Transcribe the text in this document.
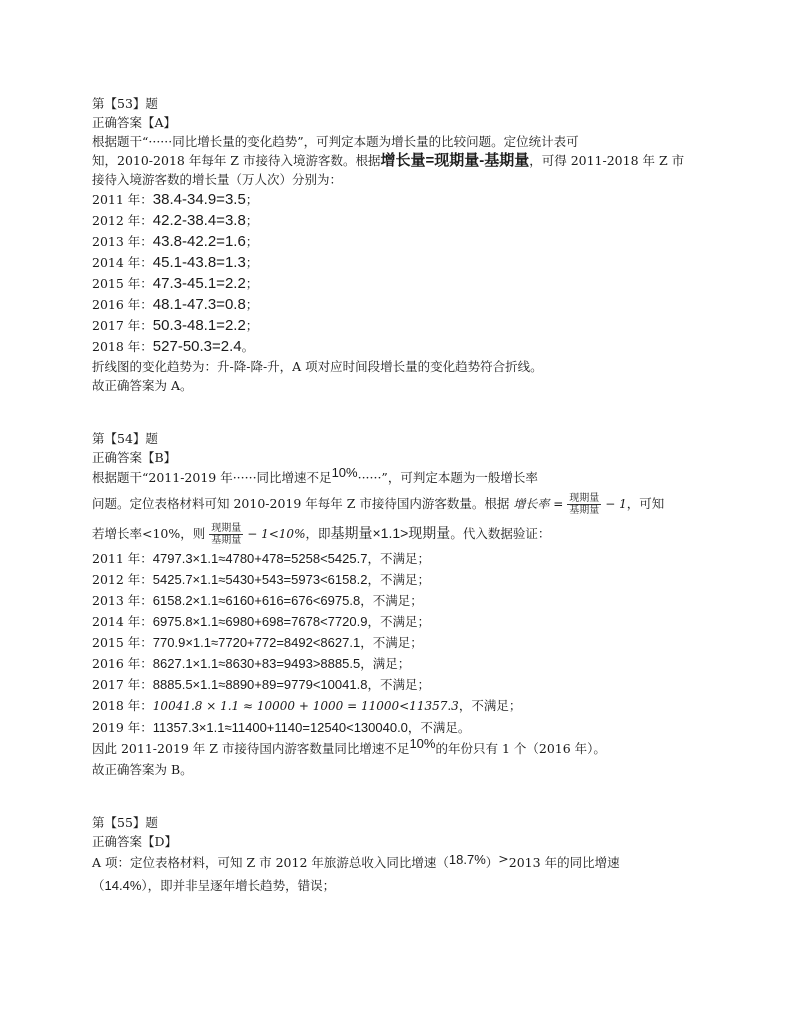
第【53】题
正确答案【A】
根据题干“······同比增长量的变化趋势”，可判定本题为增长量的比较问题。定位统计表可
知，2010-2018 年每年 Z 市接待入境游客数。根据增长量=现期量-基期量，可得 2011-2018 年 Z 市
接待入境游客数的增长量（万人次）分别为：
2011 年：38.4-34.9=3.5；
2012 年：42.2-38.4=3.8；
2013 年：43.8-42.2=1.6；
2014 年：45.1-43.8=1.3；
2015 年：47.3-45.1=2.2；
2016 年：48.1-47.3=0.8；
2017 年：50.3-48.1=2.2；
2018 年：527-50.3=2.4。
折线图的变化趋势为：升-降-降-升，A 项对应时间段增长量的变化趋势符合折线。
故正确答案为 A。
第【54】题
正确答案【B】
根据题干“2011-2019 年······同比增速不足10%······”，可判定本题为一般增长率
问题。定位表格材料可知 2010-2019 年每年 Z 市接待国内游客数量。根据 增长率 = $\frac{\text{现期量}}{\text{基期量}} - 1$，可知
若增长率<10%，则 $\frac{\text{现期量}}{\text{基期量}} - 1<10\%$，即基期量×1.1>现期量。代入数据验证：
2011 年：4797.3×1.1≈4780+478=5258<5425.7，不满足；
2012 年：5425.7×1.1≈5430+543=5973<6158.2，不满足；
2013 年：6158.2×1.1≈6160+616=676<6975.8，不满足；
2014 年：6975.8×1.1≈6980+698=7678<7720.9，不满足；
2015 年：770.9×1.1≈7720+772=8492<8627.1，不满足；
2016 年：8627.1×1.1≈8630+83=9493>8885.5，满足；
2017 年：8885.5×1.1≈8890+89=9779<10041.8，不满足；
2018 年：10041.8 × 1.1 ≈ 10000 + 1000 = 11000<11357.3，不满足；
2019 年：11357.3×1.1≈11400+1140=12540<130040.0，不满足。
因此 2011-2019 年 Z 市接待国内游客数量同比增速不足10%的年份只有 1 个（2016 年）。
故正确答案为 B。
第【55】题
正确答案【D】
A 项：定位表格材料，可知 Z 市 2012 年旅游总收入同比增速（18.7%）>2013 年的同比增速
（14.4%），即并非呈逐年增长趋势，错误；
